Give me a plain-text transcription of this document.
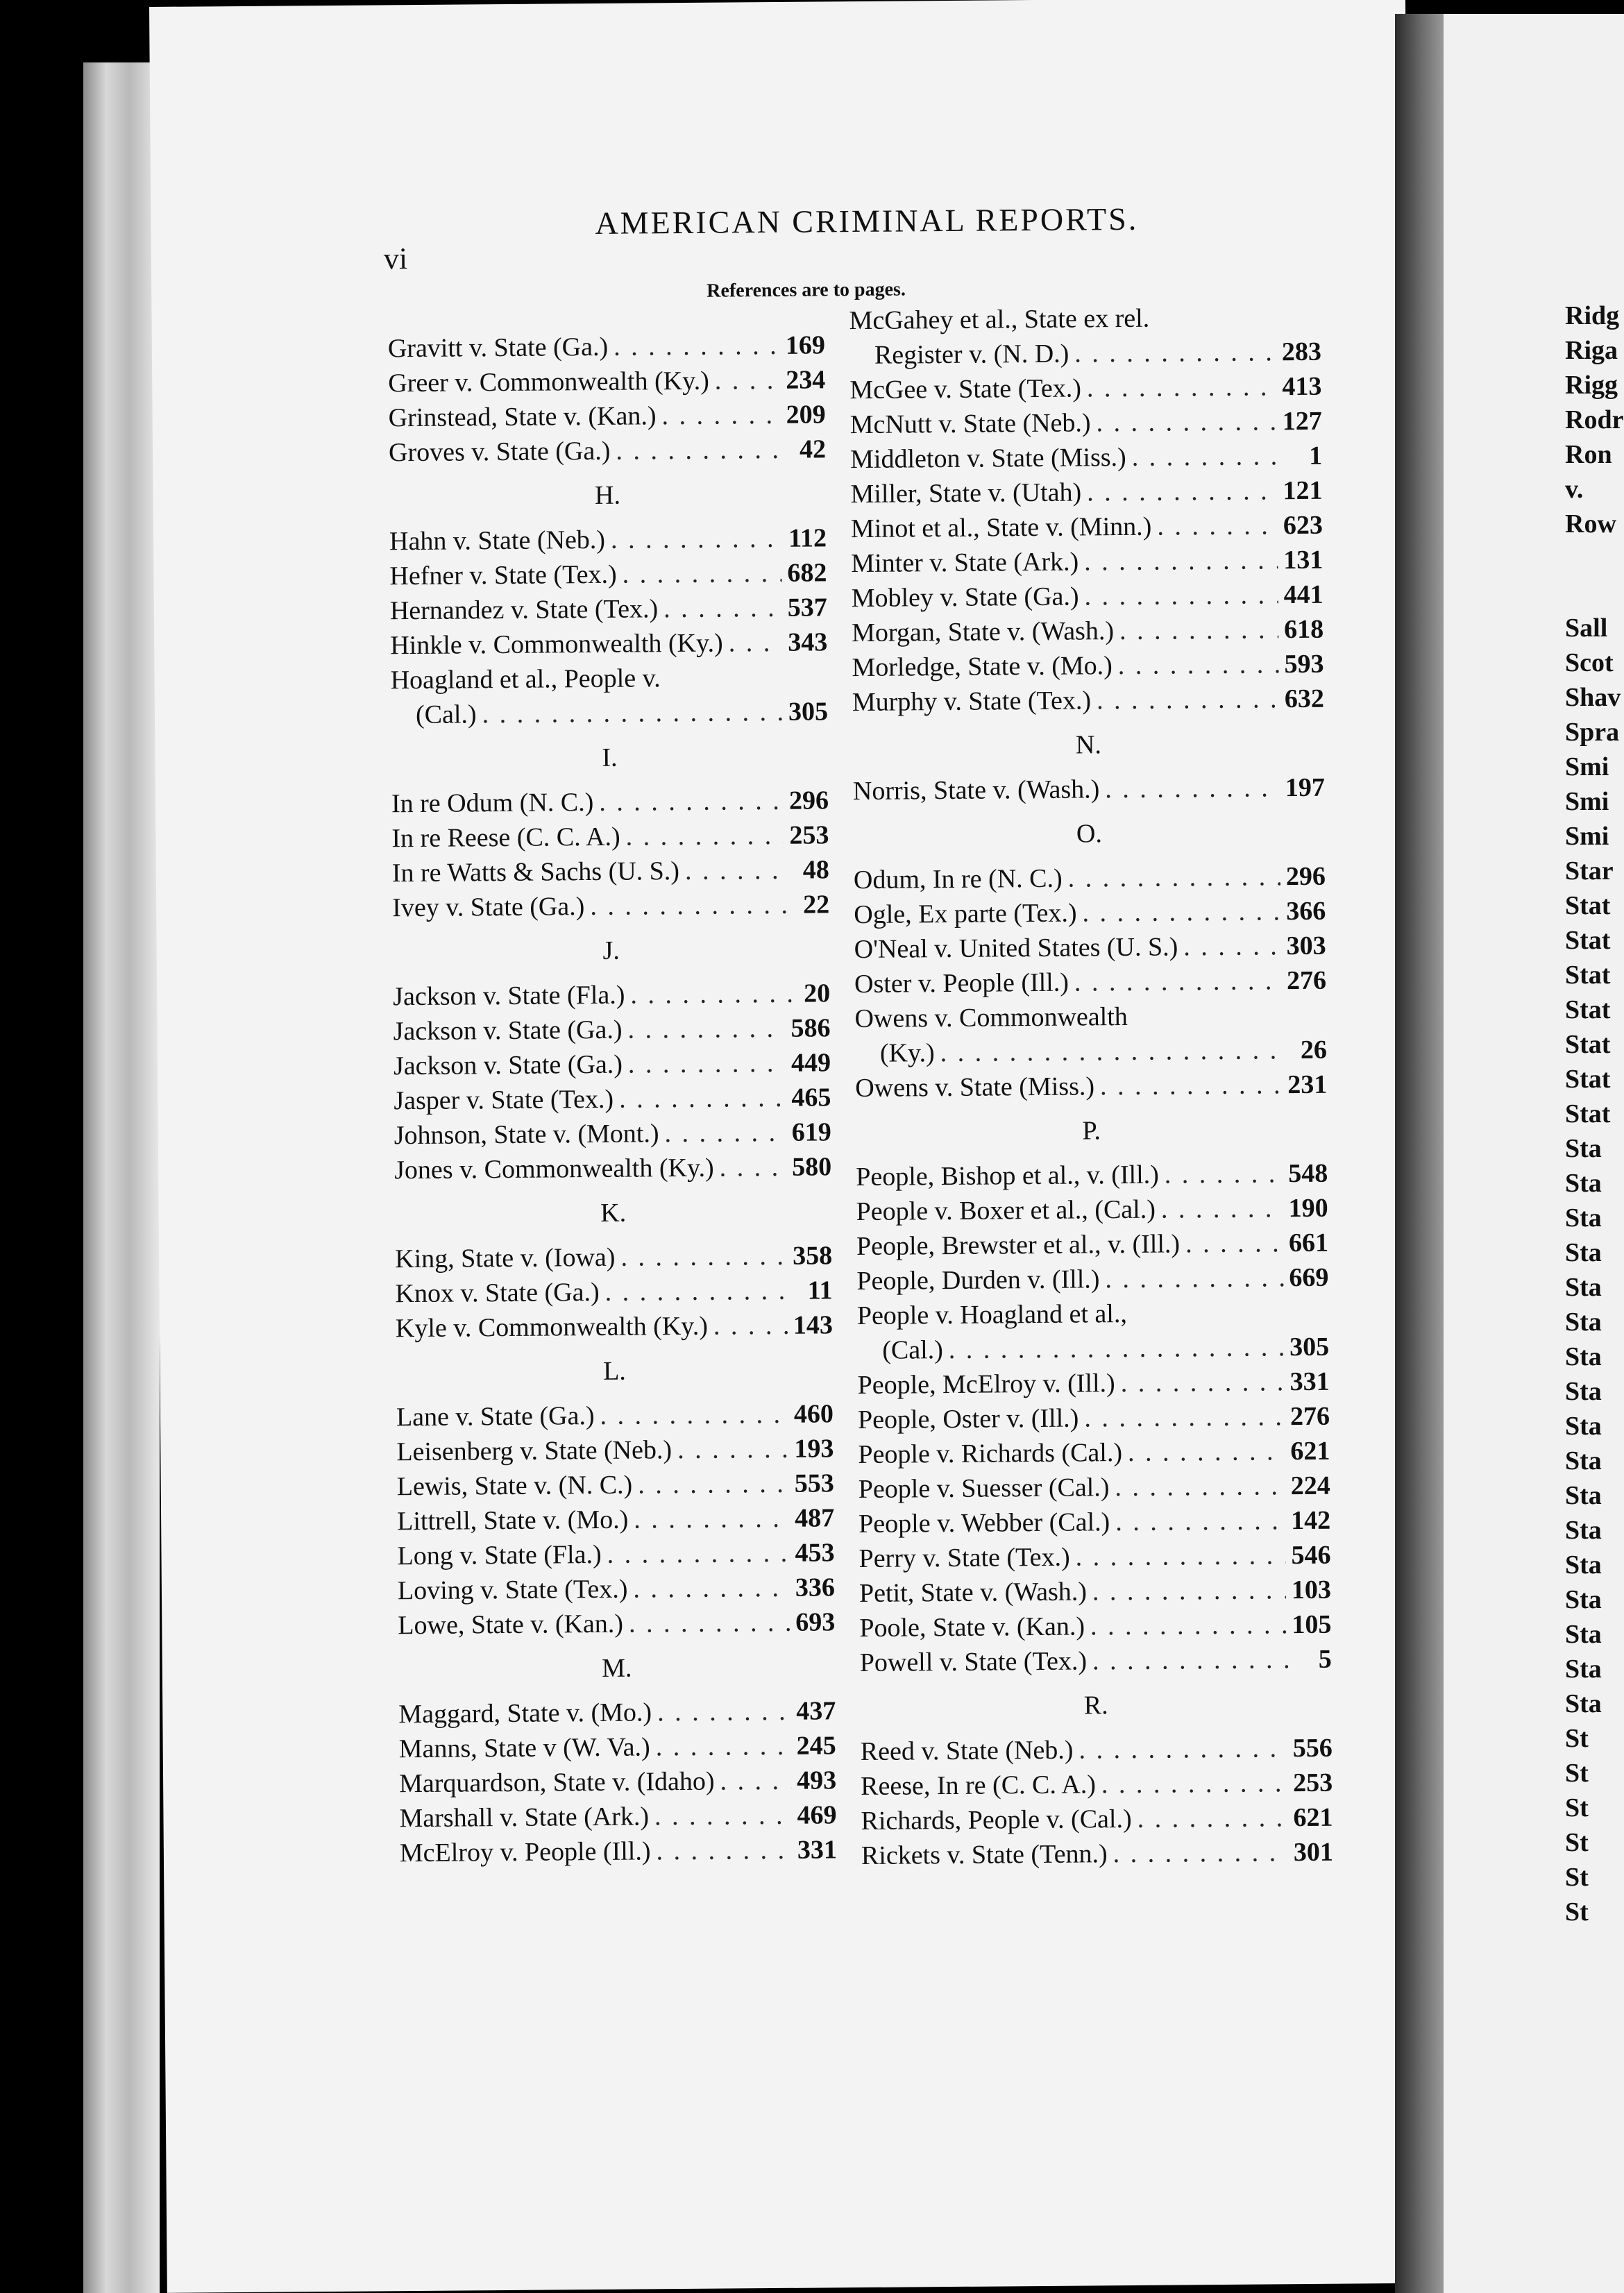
vi
AMERICAN CRIMINAL REPORTS.
References are to pages.
Gravitt v. State (Ga.) . . .	169
Greer v. Commonwealth (Ky.) . . .	234
Grinstead, State v. (Kan.) . . .	209
Groves v. State (Ga.) . . .	42
H.
Hahn v. State (Neb.) . . .	112
Hefner v. State (Tex.) . . .	682
Hernandez v. State (Tex.) . . .	537
Hinkle v. Commonwealth (Ky.) . . . 343
Hoagland et al., People v.
(Cal.) . . .	305
I.
In re Odum (N. C.) . . .	296
In re Reese (C. C. A.) . . .	253
In re Watts & Sachs (U. S.) . . .	48
Ivey v. State (Ga.) . . .	22
J.
Jackson v. State (Fla.) . . .	20
Jackson v. State (Ga.) . . .	586
Jackson v. State (Ga.) . . .	449
Jasper v. State (Tex.) . . .	465
Johnson, State v. (Mont.) . . .	619
Jones v. Commonwealth (Ky.) . . .	580
K.
King, State v. (Iowa) . . .	358
Knox v. State (Ga.) . . .	11
Kyle v. Commonwealth (Ky.) . . .	143
L.
Lane v. State (Ga.) . . .	460
Leisenberg v. State (Neb.) . . .	193
Lewis, State v. (N. C.) . . .	553
Littrell, State v. (Mo.) . . .	487
Long v. State (Fla.) . . .	453
Loving v. State (Tex.) . . .	336
Lowe, State v. (Kan.) . . .	693
M.
Maggard, State v. (Mo.) . . .	437
Manns, State v (W. Va.) . . .	245
Marquardson, State v. (Idaho) . . .	493
Marshall v. State (Ark.) . . .	469
McElroy v. People (Ill.) . . .	331
McGahey et al., State ex rel.
Register v. (N. D.) . . .	283
McGee v. State (Tex.) . . .	413
McNutt v. State (Neb.) . . .	127
Middleton v. State (Miss.) . . .	1
Miller, State v. (Utah) . . .	121
Minot et al., State v. (Minn.) . . .	623
Minter v. State (Ark.) . . .	131
Mobley v. State (Ga.) . . .	441
Morgan, State v. (Wash.) . . .	618
Morledge, State v. (Mo.) . . .	593
Murphy v. State (Tex.) . . .	632
N.
Norris, State v. (Wash.) . . .	197
O.
Odum, In re (N. C.) . . .	296
Ogle, Ex parte (Tex.) . . .	366
O'Neal v. United States (U. S.) . . .	303
Oster v. People (Ill.) . . .	276
Owens v. Commonwealth
(Ky.) . . .	26
Owens v. State (Miss.) . . .	231
P.
People, Bishop et al., v. (Ill.) . . .	548
People v. Boxer et al., (Cal.) . . .	190
People, Brewster et al., v. (Ill.) . . .	661
People, Durden v. (Ill.) . . .	669
People v. Hoagland et al.,
(Cal.) . . .	305
People, McElroy v. (Ill.) . . .	331
People, Oster v. (Ill.) . . .	276
People v. Richards (Cal.) . . .	621
People v. Suesser (Cal.) . . .	224
People v. Webber (Cal.) . . .	142
Perry v. State (Tex.) . . .	546
Petit, State v. (Wash.) . . .	103
Poole, State v. (Kan.) . . .	105
Powell v. State (Tex.) . . .	5
R.
Reed v. State (Neb.) . . .	556
Reese, In re (C. C. A.) . . .	253
Richards, People v. (Cal.) . . .	621
Rickets v. State (Tenn.) . . .	301
Ridg
Riga
Rigg
Rodr
Ron
v.
Row
Sall
Scot
Shav
Spra
Smi
Smi
Smi
Star
Stat
Stat
Stat
Stat
Stat
Stat
Stat
Sta
Sta
Sta
Sta
Sta
Sta
Sta
Sta
Sta
Sta
Sta
Sta
Sta
Sta
Sta
Sta
Sta
St
St
St
St
St
St
